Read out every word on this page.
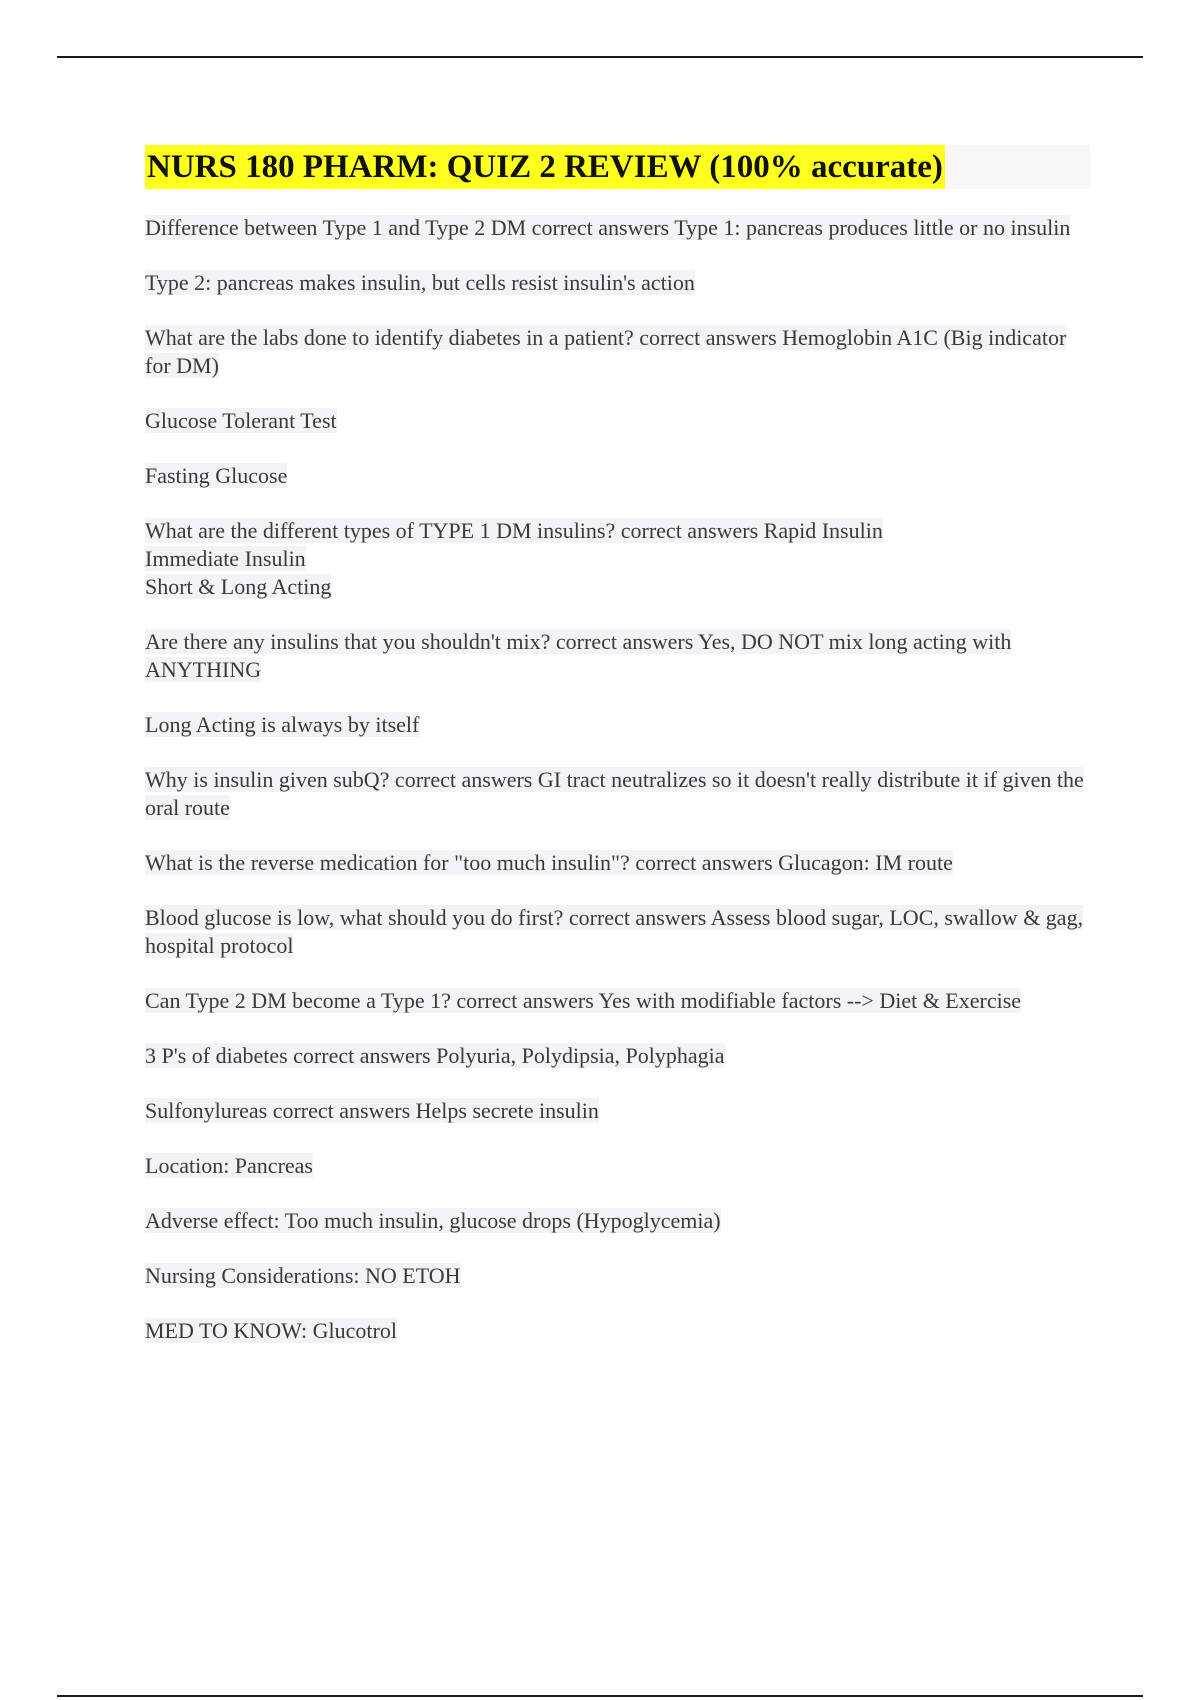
NURS 180 PHARM: QUIZ 2 REVIEW (100% accurate)

Difference between Type 1 and Type 2 DM correct answers Type 1: pancreas produces little or no insulin

Type 2: pancreas makes insulin, but cells resist insulin's action

What are the labs done to identify diabetes in a patient? correct answers Hemoglobin A1C (Big indicator for DM)

Glucose Tolerant Test

Fasting Glucose

What are the different types of TYPE 1 DM insulins? correct answers Rapid Insulin
Immediate Insulin
Short & Long Acting

Are there any insulins that you shouldn't mix? correct answers Yes, DO NOT mix long acting with ANYTHING

Long Acting is always by itself

Why is insulin given subQ? correct answers GI tract neutralizes so it doesn't really distribute it if given the oral route

What is the reverse medication for "too much insulin"? correct answers Glucagon: IM route

Blood glucose is low, what should you do first? correct answers Assess blood sugar, LOC, swallow & gag, hospital protocol

Can Type 2 DM become a Type 1? correct answers Yes with modifiable factors --> Diet & Exercise

3 P's of diabetes correct answers Polyuria, Polydipsia, Polyphagia

Sulfonylureas correct answers Helps secrete insulin

Location: Pancreas

Adverse effect: Too much insulin, glucose drops (Hypoglycemia)

Nursing Considerations: NO ETOH

MED TO KNOW: Glucotrol
